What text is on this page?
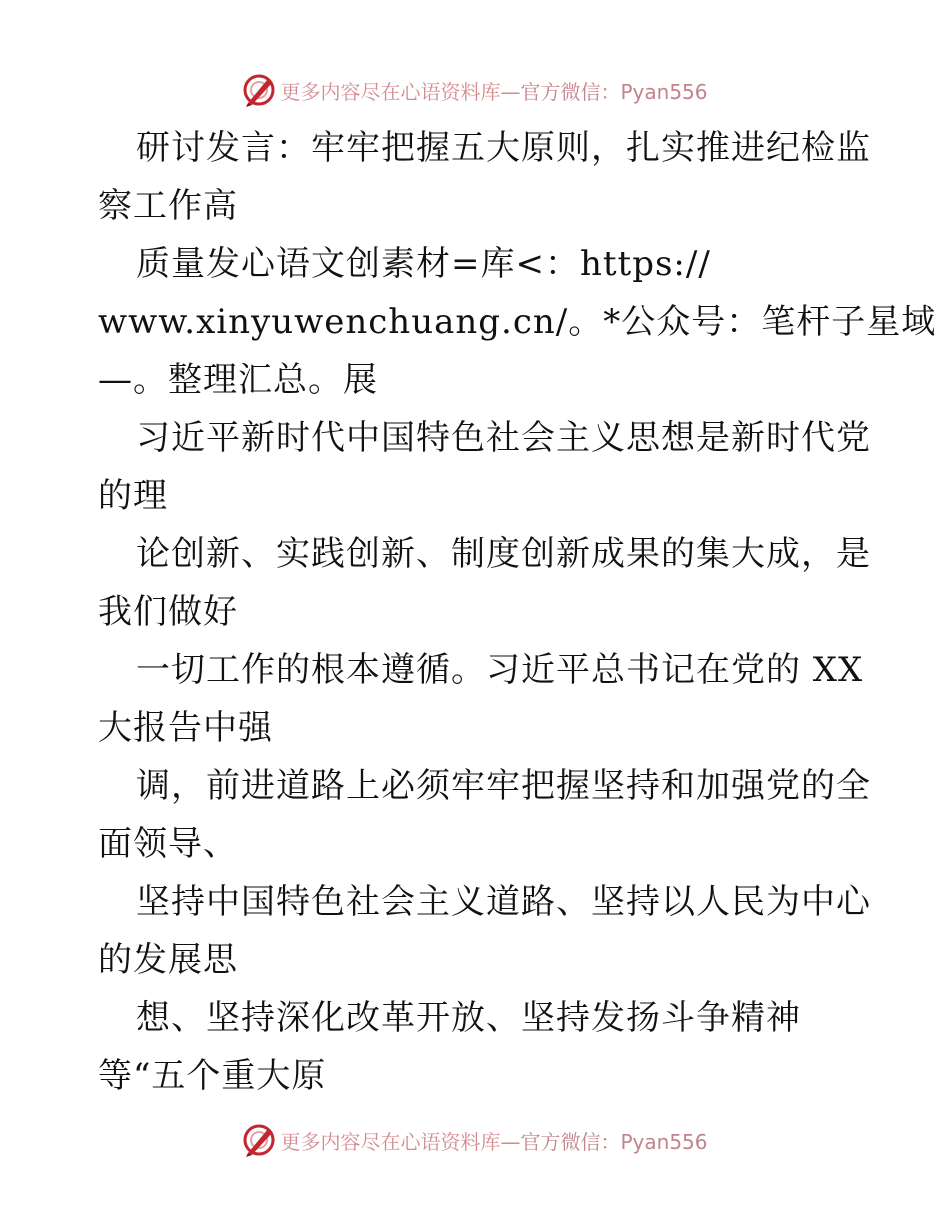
更多内容尽在心语资料库—官方微信：Pyan556
研讨发言：牢牢把握五大原则，扎实推进纪检监
察工作高
质量发心语文创素材=库<：https://
www.xinyuwenchuang.cn/。*公众号：笔杆子星域
—。整理汇总。展
习近平新时代中国特色社会主义思想是新时代党
的理
论创新、实践创新、制度创新成果的集大成，是
我们做好
一切工作的根本遵循。习近平总书记在党的 XX
大报告中强
调，前进道路上必须牢牢把握坚持和加强党的全
面领导、
坚持中国特色社会主义道路、坚持以人民为中心
的发展思
想、坚持深化改革开放、坚持发扬斗争精神
等“五个重大原
更多内容尽在心语资料库—官方微信：Pyan556
